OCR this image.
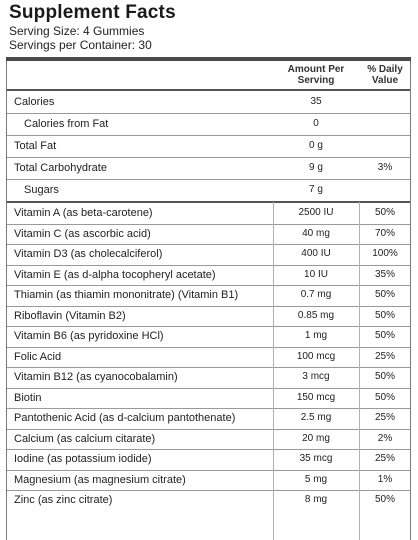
Supplement Facts
Serving Size: 4 Gummies
Servings per Container: 30
Amount Per
Serving
% Daily
Value
Calories	35
Calories from Fat	0
Total Fat	0 g
Total Carbohydrate	9 g	3%
Sugars	7 g
Vitamin A (as beta-carotene)	2500 IU	50%
Vitamin C (as ascorbic acid)	40 mg	70%
Vitamin D3 (as cholecalciferol)	400 IU	100%
Vitamin E (as d-alpha tocopheryl acetate)	10 IU	35%
Thiamin (as thiamin mononitrate) (Vitamin B1)	0.7 mg	50%
Riboflavin (Vitamin B2)	0.85 mg	50%
Vitamin B6 (as pyridoxine HCl)	1 mg	50%
Folic Acid	100 mcg	25%
Vitamin B12 (as cyanocobalamin)	3 mcg	50%
Biotin	150 mcg	50%
Pantothenic Acid (as d-calcium pantothenate)	2.5 mg	25%
Calcium (as calcium citarate)	20 mg	2%
Iodine (as potassium iodide)	35 mcg	25%
Magnesium (as magnesium citrate)	5 mg	1%
Zinc (as zinc citrate)	8 mg	50%
